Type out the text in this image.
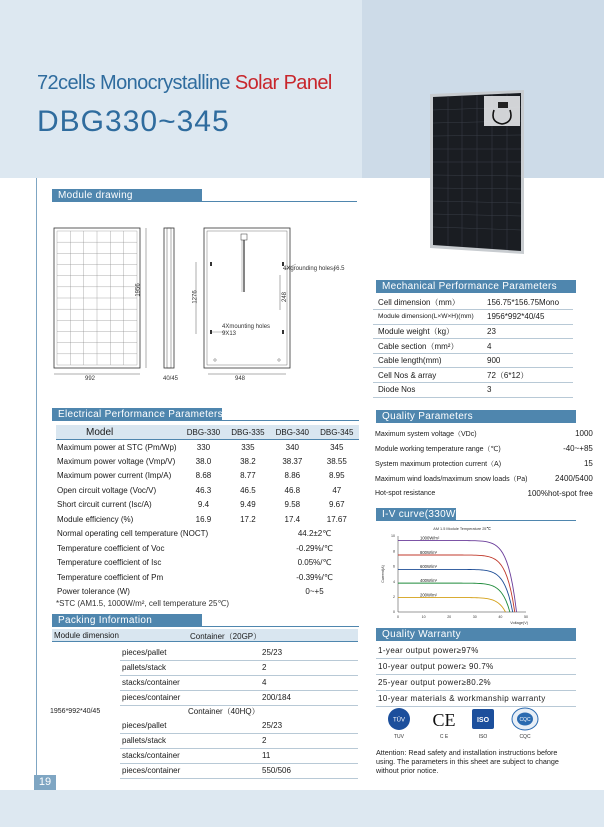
72cells Monocrystalline Solar Panel
DBG330~345
Module drawing
1956
992	40/45
1276
948
248
4Xgrounding holes∮6.5
4Xmounting holes
9X13
Mechanical Performance Parameters
Cell dimension（mm）	156.75*156.75Mono
Module dimension(L×W×H)(mm)	1956*992*40/45
Module weight（kg）	23
Cable section（mm²）	4
Cable length(mm)	900
Cell Nos & array	72（6*12）
Diode Nos	3
Electrical Performance Parameters
Model	DBG-330	DBG-335	DBG-340	DBG-345
Maximum power at STC (Pm/Wp)	330	335	340	345
Maximum power voltage (Vmp/V)	38.0	38.2	38.37	38.55
Maximum power current (Imp/A)	8.68	8.77	8.86	8.95
Open circuit voltage (Voc/V)	46.3	46.5	46.8	47
Short circuit current (Isc/A)	9.4	9.49	9.58	9.67
Module efficiency (%)	16.9	17.2	17.4	17.67
Normal operating cell temperature (NOCT)			44.2±2℃	
Temperature coefficient of Voc			-0.29%/℃	
Temperature coefficient of Isc			0.05%/℃	
Temperature coefficient of Pm			-0.39%/℃	
Power tolerance (W)			0~+5	
*STC (AM1.5, 1000W/m², cell temperature 25℃)
Quality Parameters
Maximum system voltage（VDc)	1000
Module working temperature range（℃)	-40~+85
System maximum protection current（A)	15
Maximum wind loads/maximum snow loads（Pa)	2400/5400
Hot-spot resistance	100%hot-spot free
I-V curve(330W)
0	10	20	30	40	50
0
2
4
6
8
10
AM 1.5 Module Temperature 25℃
Voltage(V)
Current(A)
1000W/m²
800W/m²
600W/m²
400W/m²
200W/m²
Packing Information
Module dimension	Container（20GP）
1956*992*40/45
pieces/pallet	25/23
pallets/stack	2
stacks/container	4
pieces/container	200/184
Container（40HQ）
pieces/pallet	25/23
pallets/stack	2
stacks/container	11
pieces/container	550/506
Quality Warranty
1-year output power≥97%
10-year output power≥ 90.7%
25-year output power≥80.2%
10-year materials & workmanship warranty
TÜV CE	ISO	CQC
TUV	C E	ISO	CQC
Attention: Read safety and installation instructions before using. The parameters in this sheet are subject to change without prior notice.
19
